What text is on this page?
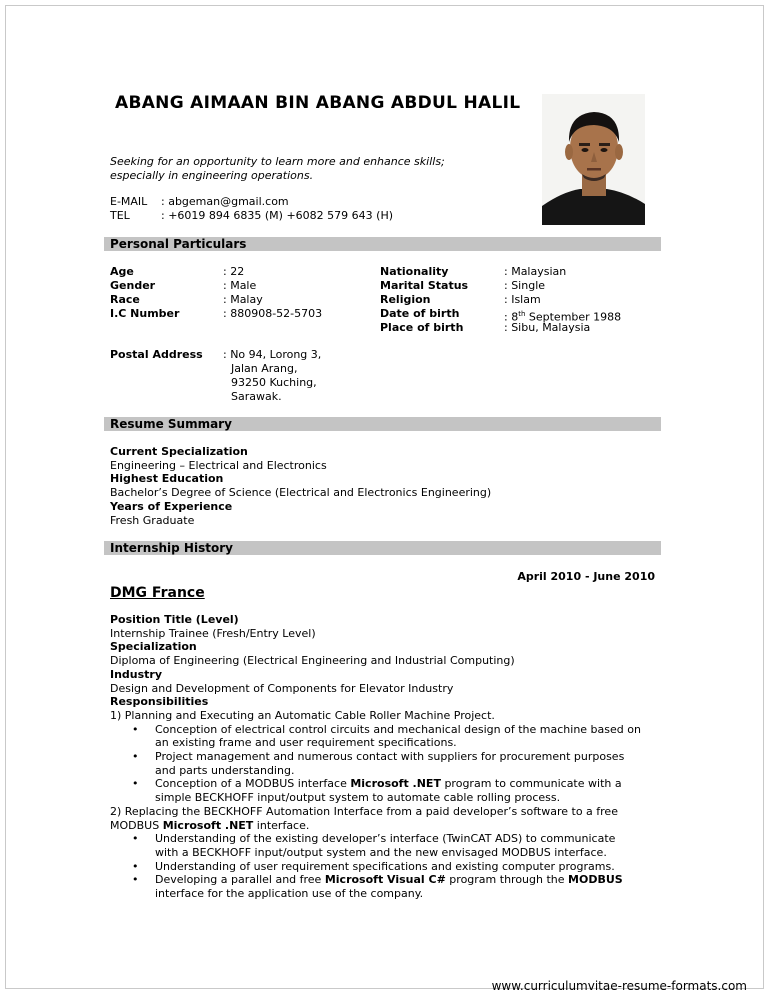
ABANG AIMAAN BIN ABANG ABDUL HALIL
Seeking for an opportunity to learn more and enhance skills;
especially in engineering operations.
E-MAIL : abgeman@gmail.com
TEL	: +6019 894 6835 (M) +6082 579 643 (H)
Personal Particulars
Age	: 22
Gender	: Male
Race	: Malay
I.C Number	: 880908-52-5703
Nationality	: Malaysian
Marital Status	: Single
Religion	: Islam
Date of birth	: 8th September 1988
Place of birth	: Sibu, Malaysia
Postal Address : No 94, Lorong 3,
Jalan Arang,
93250 Kuching,
Sarawak.
Resume Summary
Current Specialization
Engineering – Electrical and Electronics
Highest Education
Bachelor’s Degree of Science (Electrical and Electronics Engineering)
Years of Experience
Fresh Graduate
Internship History
April 2010 - June 2010
DMG France
Position Title (Level)
Internship Trainee (Fresh/Entry Level)
Specialization
Diploma of Engineering (Electrical Engineering and Industrial Computing)
Industry
Design and Development of Components for Elevator Industry
Responsibilities
1) Planning and Executing an Automatic Cable Roller Machine Project.
• Conception of electrical control circuits and mechanical design of the machine based on
an existing frame and user requirement specifications.
• Project management and numerous contact with suppliers for procurement purposes
and parts understanding.
• Conception of a MODBUS interface Microsoft .NET program to communicate with a
simple BECKHOFF input/output system to automate cable rolling process.
2) Replacing the BECKHOFF Automation Interface from a paid developer’s software to a free
MODBUS Microsoft .NET interface.
• Understanding of the existing developer’s interface (TwinCAT ADS) to communicate
with a BECKHOFF input/output system and the new envisaged MODBUS interface.
• Understanding of user requirement specifications and existing computer programs.
• Developing a parallel and free Microsoft Visual C# program through the MODBUS
interface for the application use of the company.
www.curriculumvitae-resume-formats.com
